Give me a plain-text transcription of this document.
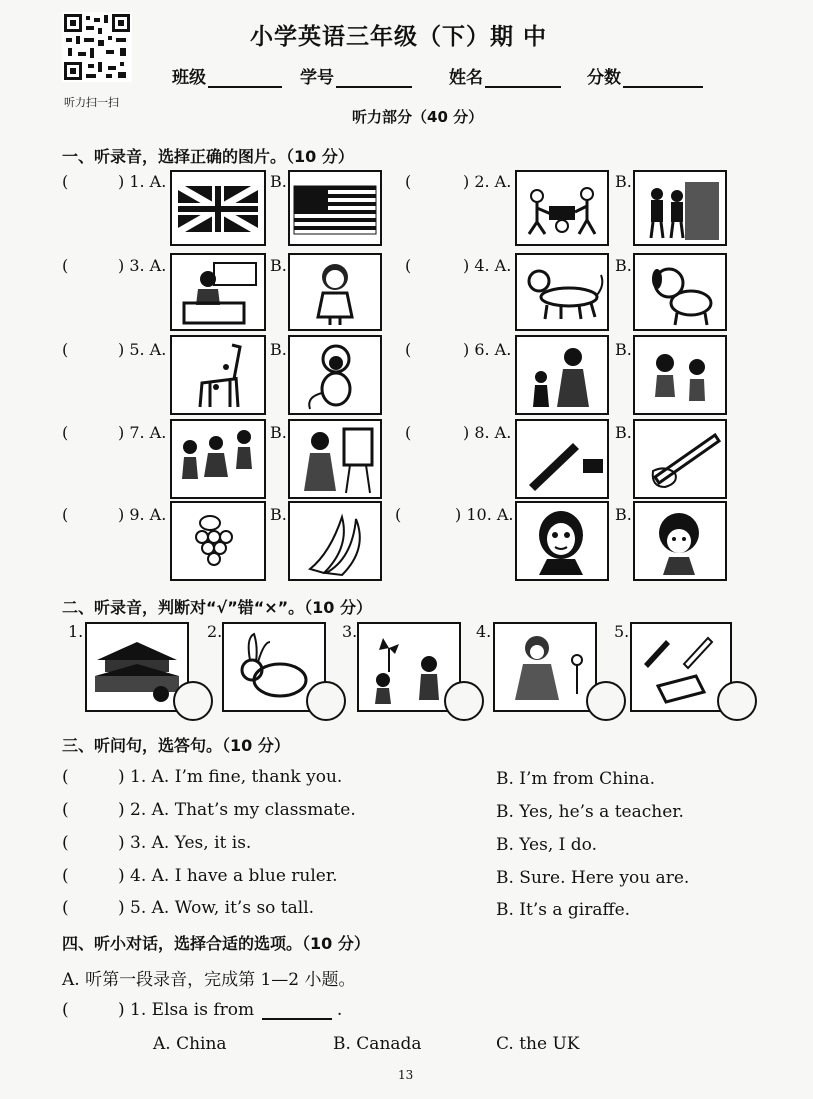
听力扫一扫
小学英语三年级（下）期 中
班级	学号	姓名	分数
听力部分（40 分）
一、听录音，选择正确的图片。（10 分）
(	) 1. A.	B.	(	) 2. A.	B.
(	) 3. A.	B.	(	) 4. A.	B.
(	) 5. A.	B.	(	) 6. A.	B.
(	) 7. A.	B.	(	) 8. A.	B.
(	) 9. A.	B.	(	) 10. A.	B.
二、听录音，判断对“√”错“×”。（10 分）
1.	2.	3.	4.	5.
三、听问句，选答句。（10 分）
(	) 1. A. I’m fine, thank you.	B. I’m from China.
(	) 2. A. That’s my classmate.	B. Yes, he’s a teacher.
(	) 3. A. Yes, it is.	B. Yes, I do.
(	) 4. A. I have a blue ruler.	B. Sure. Here you are.
(	) 5. A. Wow, it’s so tall.	B. It’s a giraffe.
四、听小对话，选择合适的选项。（10 分）
A. 听第一段录音，完成第 1—2 小题。
(	) 1. Elsa is from	.
A. China	B. Canada	C. the UK
13
